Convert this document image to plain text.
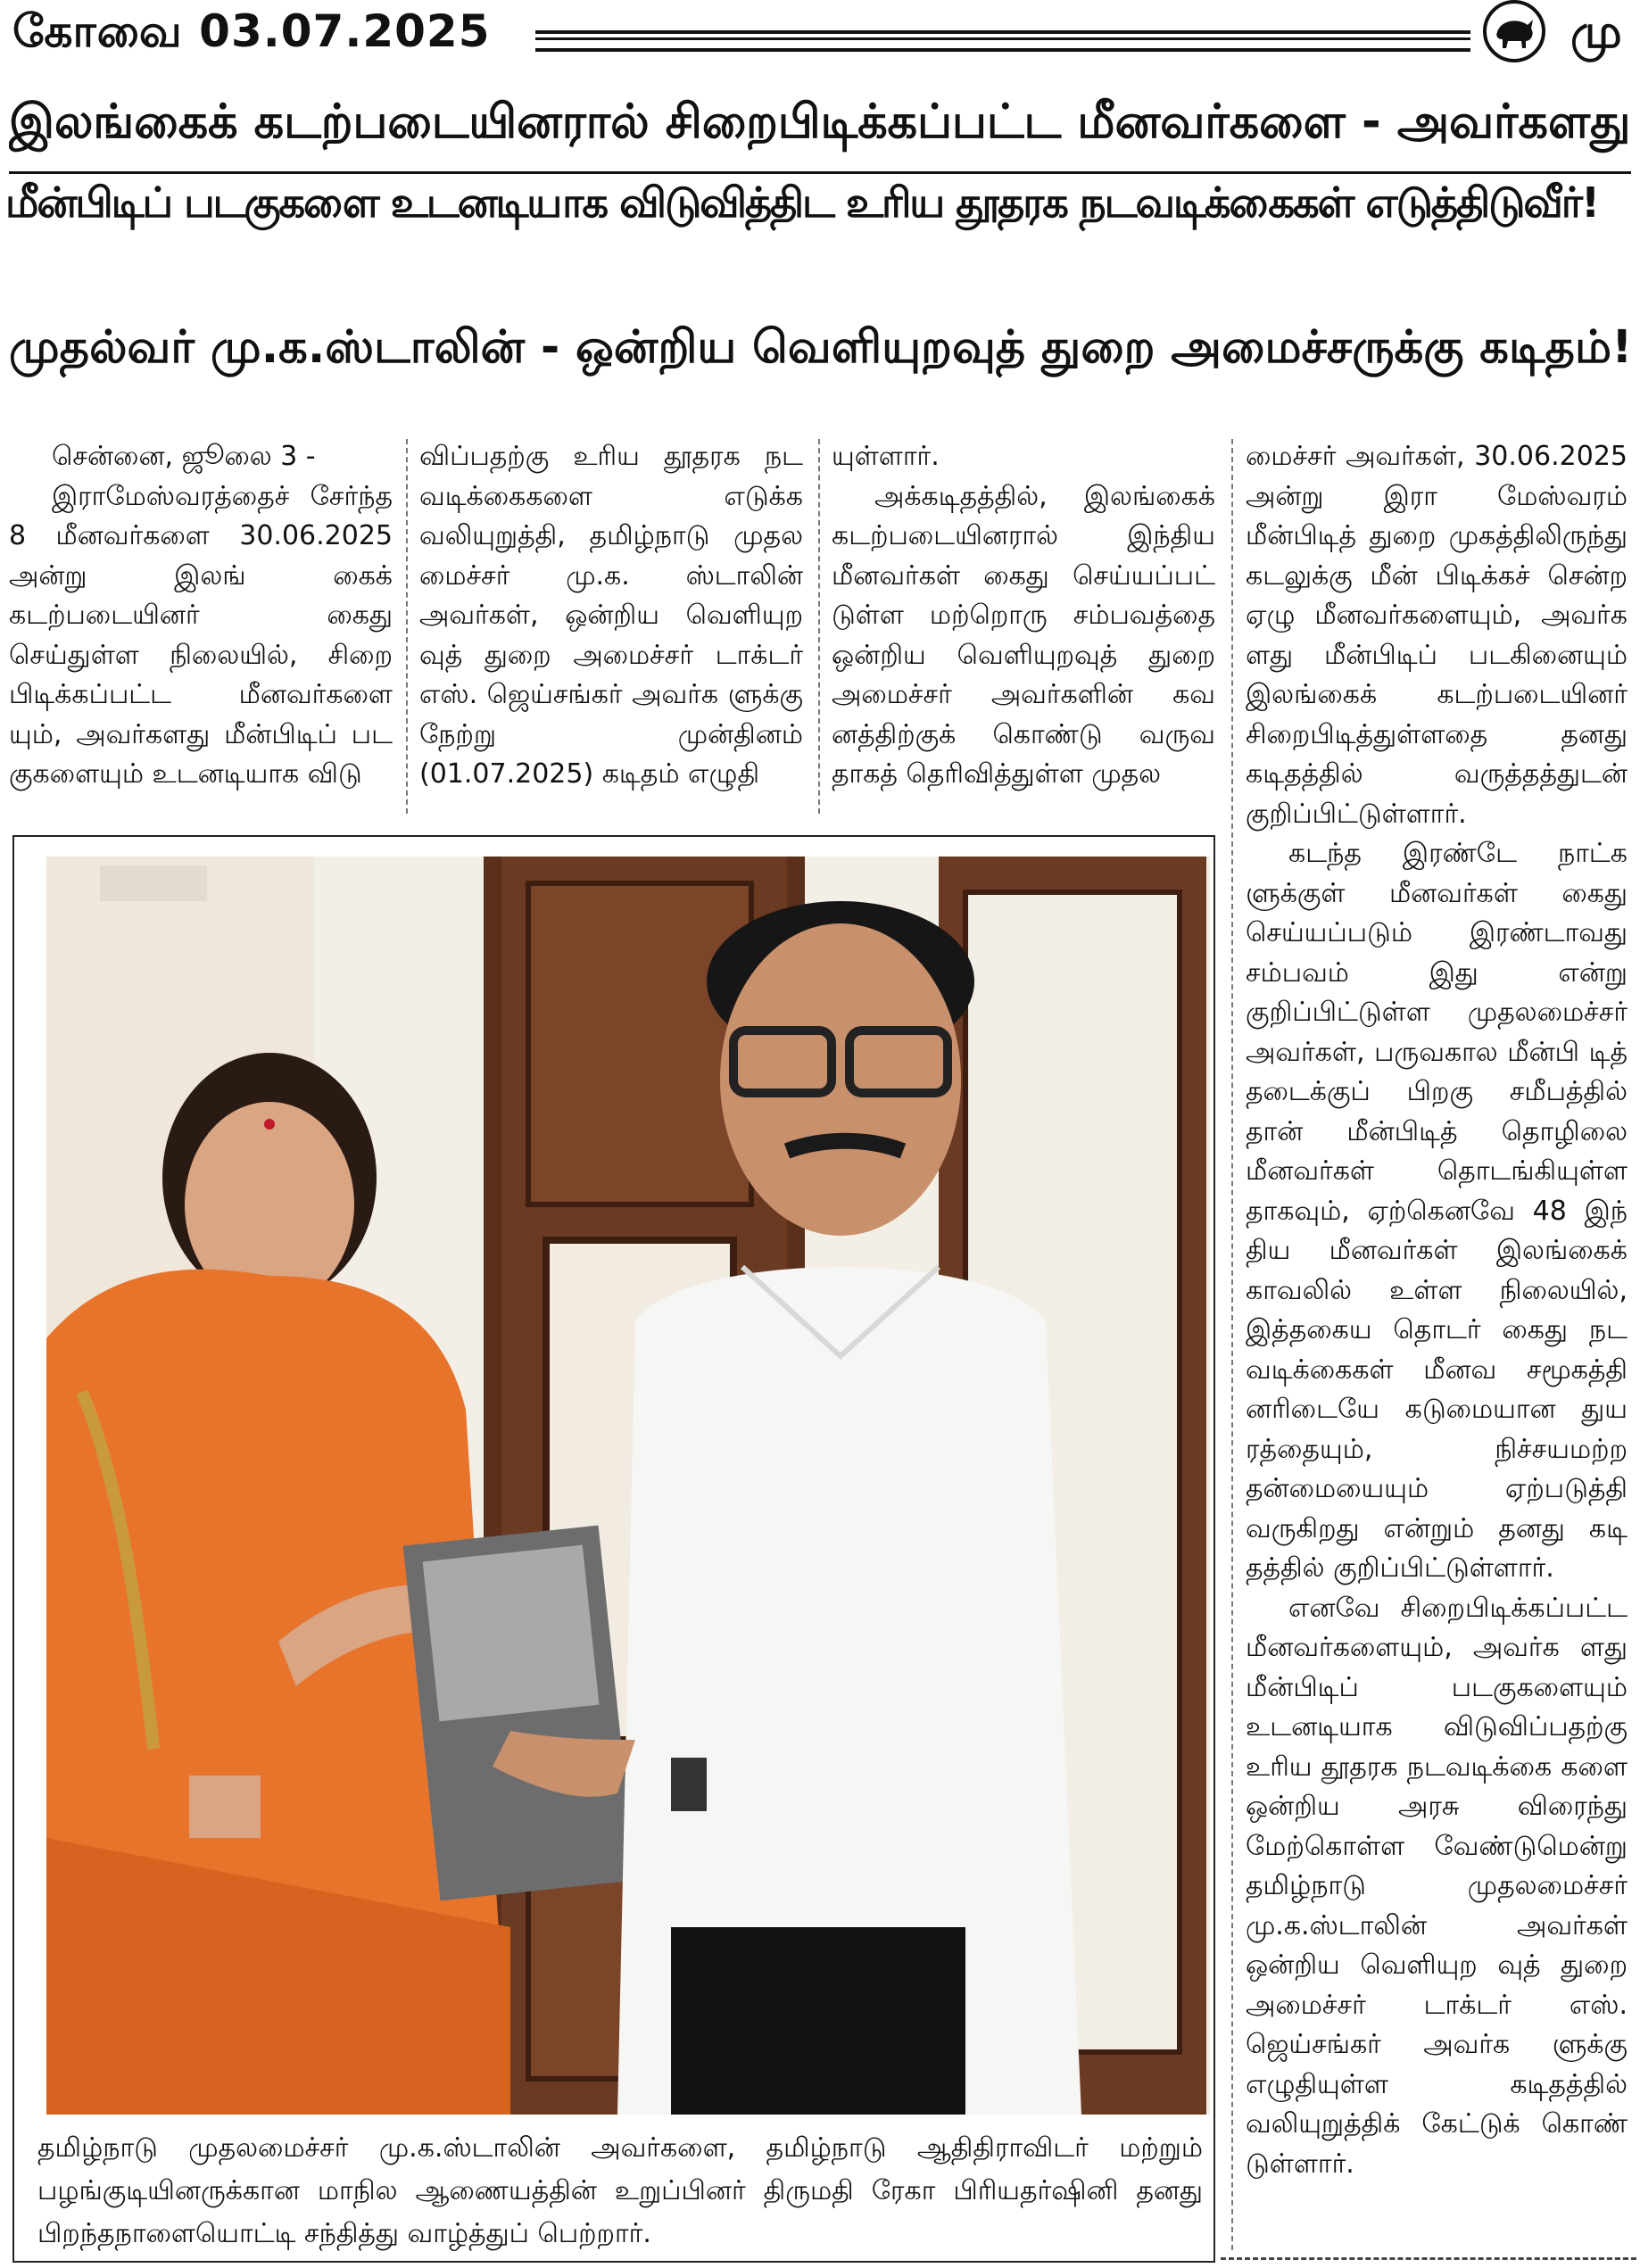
கோவை 03.07.2025	மு
இலங்கைக் கடற்படையினரால் சிறைபிடிக்கப்பட்ட மீனவர்களை - அவர்களது
மீன்பிடிப் படகுகளை உடனடியாக விடுவித்திட உரிய தூதரக நடவடிக்கைகள் எடுத்திடுவீர்!
முதல்வர் மு.க.ஸ்டாலின் - ஒன்றிய வெளியுறவுத் துறை அமைச்சருக்கு கடிதம்!

சென்னை, ஜூலை 3 -

இராமேஸ்வரத்தைச் சேர்ந்த 8 மீனவர்களை 30.06.2025 அன்று இலங் கைக் கடற்படையினர் கைது செய்துள்ள நிலையில், சிறை பிடிக்கப்பட்ட மீனவர்களை யும், அவர்களது மீன்பிடிப் பட குகளையும் உடனடியாக விடு

விப்பதற்கு உரிய தூதரக நட வடிக்கைகளை எடுக்க வலியுறுத்தி, தமிழ்நாடு முதல மைச்சர் மு.க. ஸ்டாலின் அவர்கள், ஒன்றிய வெளியுற வுத் துறை அமைச்சர் டாக்டர் எஸ். ஜெய்சங்கர் அவர்க ளுக்கு நேற்று முன்தினம் (01.07.2025) கடிதம் எழுதி

யுள்ளார்.

அக்கடிதத்தில், இலங்கைக் கடற்படையினரால் இந்திய மீனவர்கள் கைது செய்யப்பட் டுள்ள மற்றொரு சம்பவத்தை ஒன்றிய வெளியுறவுத் துறை அமைச்சர் அவர்களின் கவ னத்திற்குக் கொண்டு வருவ தாகத் தெரிவித்துள்ள முதல

மைச்சர் அவர்கள், 30.06.2025 அன்று இரா மேஸ்வரம் மீன்பிடித் துறை முகத்திலிருந்து கடலுக்கு மீன் பிடிக்கச் சென்ற ஏழு மீனவர்களையும், அவர்க ளது மீன்பிடிப் படகினையும் இலங்கைக் கடற்படையினர் சிறைபிடித்துள்ளதை தனது கடிதத்தில் வருத்தத்துடன் குறிப்பிட்டுள்ளார்.

கடந்த இரண்டே நாட்க ளுக்குள் மீனவர்கள் கைது செய்யப்படும் இரண்டாவது சம்பவம் இது என்று குறிப்பிட்டுள்ள முதலமைச்சர் அவர்கள், பருவகால மீன்பி டித் தடைக்குப் பிறகு சமீபத்தில் தான் மீன்பிடித் தொழிலை மீனவர்கள் தொடங்கியுள்ள தாகவும், ஏற்கெனவே 48 இந் திய மீனவர்கள் இலங்கைக் காவலில் உள்ள நிலையில், இத்தகைய தொடர் கைது நட வடிக்கைகள் மீனவ சமூகத்தி னரிடையே கடுமையான துய ரத்தையும், நிச்சயமற்ற தன்மையையும் ஏற்படுத்தி வருகிறது என்றும் தனது கடி தத்தில் குறிப்பிட்டுள்ளார்.

எனவே சிறைபிடிக்கப்பட்ட மீனவர்களையும், அவர்க ளது மீன்பிடிப் படகுகளையும் உடனடியாக விடுவிப்பதற்கு உரிய தூதரக நடவடிக்கை களை ஒன்றிய அரசு விரைந்து மேற்கொள்ள வேண்டுமென்று தமிழ்நாடு முதலமைச்சர் மு.க.ஸ்டாலின் அவர்கள் ஒன்றிய வெளியுற வுத் துறை அமைச்சர் டாக்டர் எஸ். ஜெய்சங்கர் அவர்க ளுக்கு எழுதியுள்ள கடிதத்தில் வலியுறுத்திக் கேட்டுக் கொண் டுள்ளார்.

தமிழ்நாடு முதலமைச்சர் மு.க.ஸ்டாலின் அவர்களை, தமிழ்நாடு ஆதிதிராவிடர் மற்றும் பழங்குடியினருக்கான மாநில ஆணையத்தின் உறுப்பினர் திருமதி ரேகா பிரியதர்ஷினி தனது பிறந்தநாளையொட்டி சந்தித்து வாழ்த்துப் பெற்றார்.
